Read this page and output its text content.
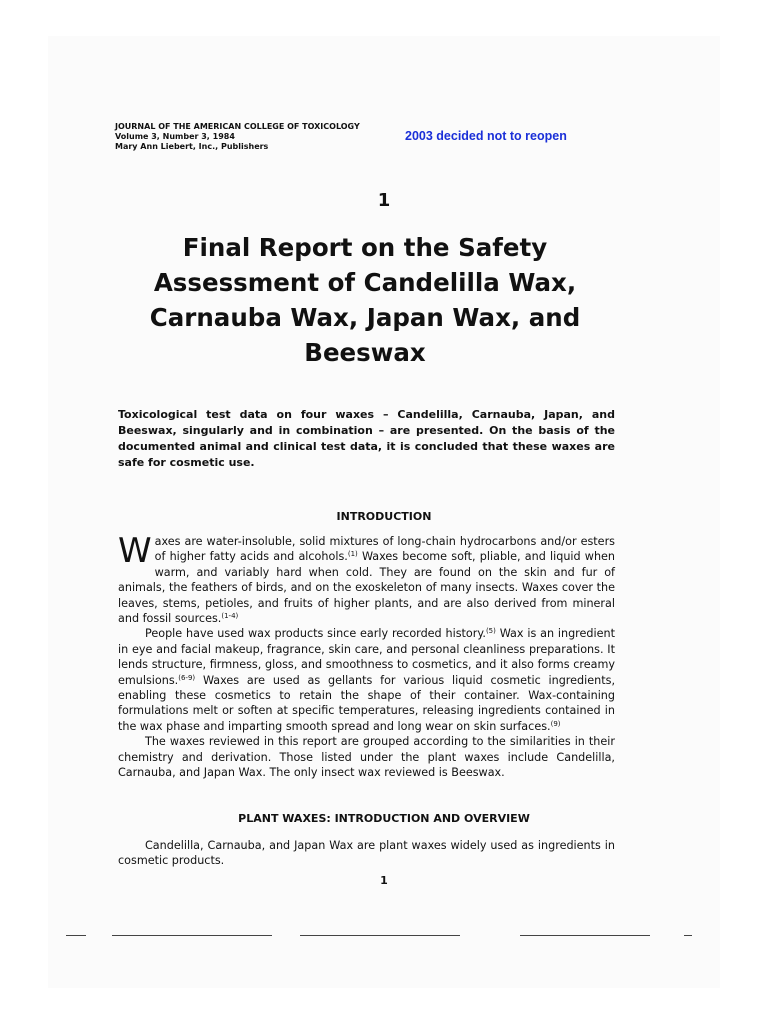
JOURNAL OF THE AMERICAN COLLEGE OF TOXICOLOGY
Volume 3, Number 3, 1984
Mary Ann Liebert, Inc., Publishers
2003 decided not to reopen
1
Final Report on the Safety Assessment of Candelilla Wax, Carnauba Wax, Japan Wax, and Beeswax
Toxicological test data on four waxes – Candelilla, Carnauba, Japan, and Beeswax, singularly and in combination – are presented. On the basis of the documented animal and clinical test data, it is concluded that these waxes are safe for cosmetic use.
INTRODUCTION

Waxes are water-insoluble, solid mixtures of long-chain hydrocarbons and/or esters of higher fatty acids and alcohols.$^{(1)}$ Waxes become soft, pliable, and liquid when warm, and variably hard when cold. They are found on the skin and fur of animals, the feathers of birds, and on the exoskeleton of many insects. Waxes cover the leaves, stems, petioles, and fruits of higher plants, and are also derived from mineral and fossil sources.$^{(1-4)}$

People have used wax products since early recorded history.$^{(5)}$ Wax is an ingredient in eye and facial makeup, fragrance, skin care, and personal cleanliness preparations. It lends structure, firmness, gloss, and smoothness to cosmetics, and it also forms creamy emulsions.$^{(6-9)}$ Waxes are used as gellants for various liquid cosmetic ingredients, enabling these cosmetics to retain the shape of their container. Wax-containing formulations melt or soften at specific temperatures, releasing ingredients contained in the wax phase and imparting smooth spread and long wear on skin surfaces.$^{(9)}$

The waxes reviewed in this report are grouped according to the similarities in their chemistry and derivation. Those listed under the plant waxes include Candelilla, Carnauba, and Japan Wax. The only insect wax reviewed is Beeswax.

PLANT WAXES: INTRODUCTION AND OVERVIEW

Candelilla, Carnauba, and Japan Wax are plant waxes widely used as ingredients in cosmetic products.

1
